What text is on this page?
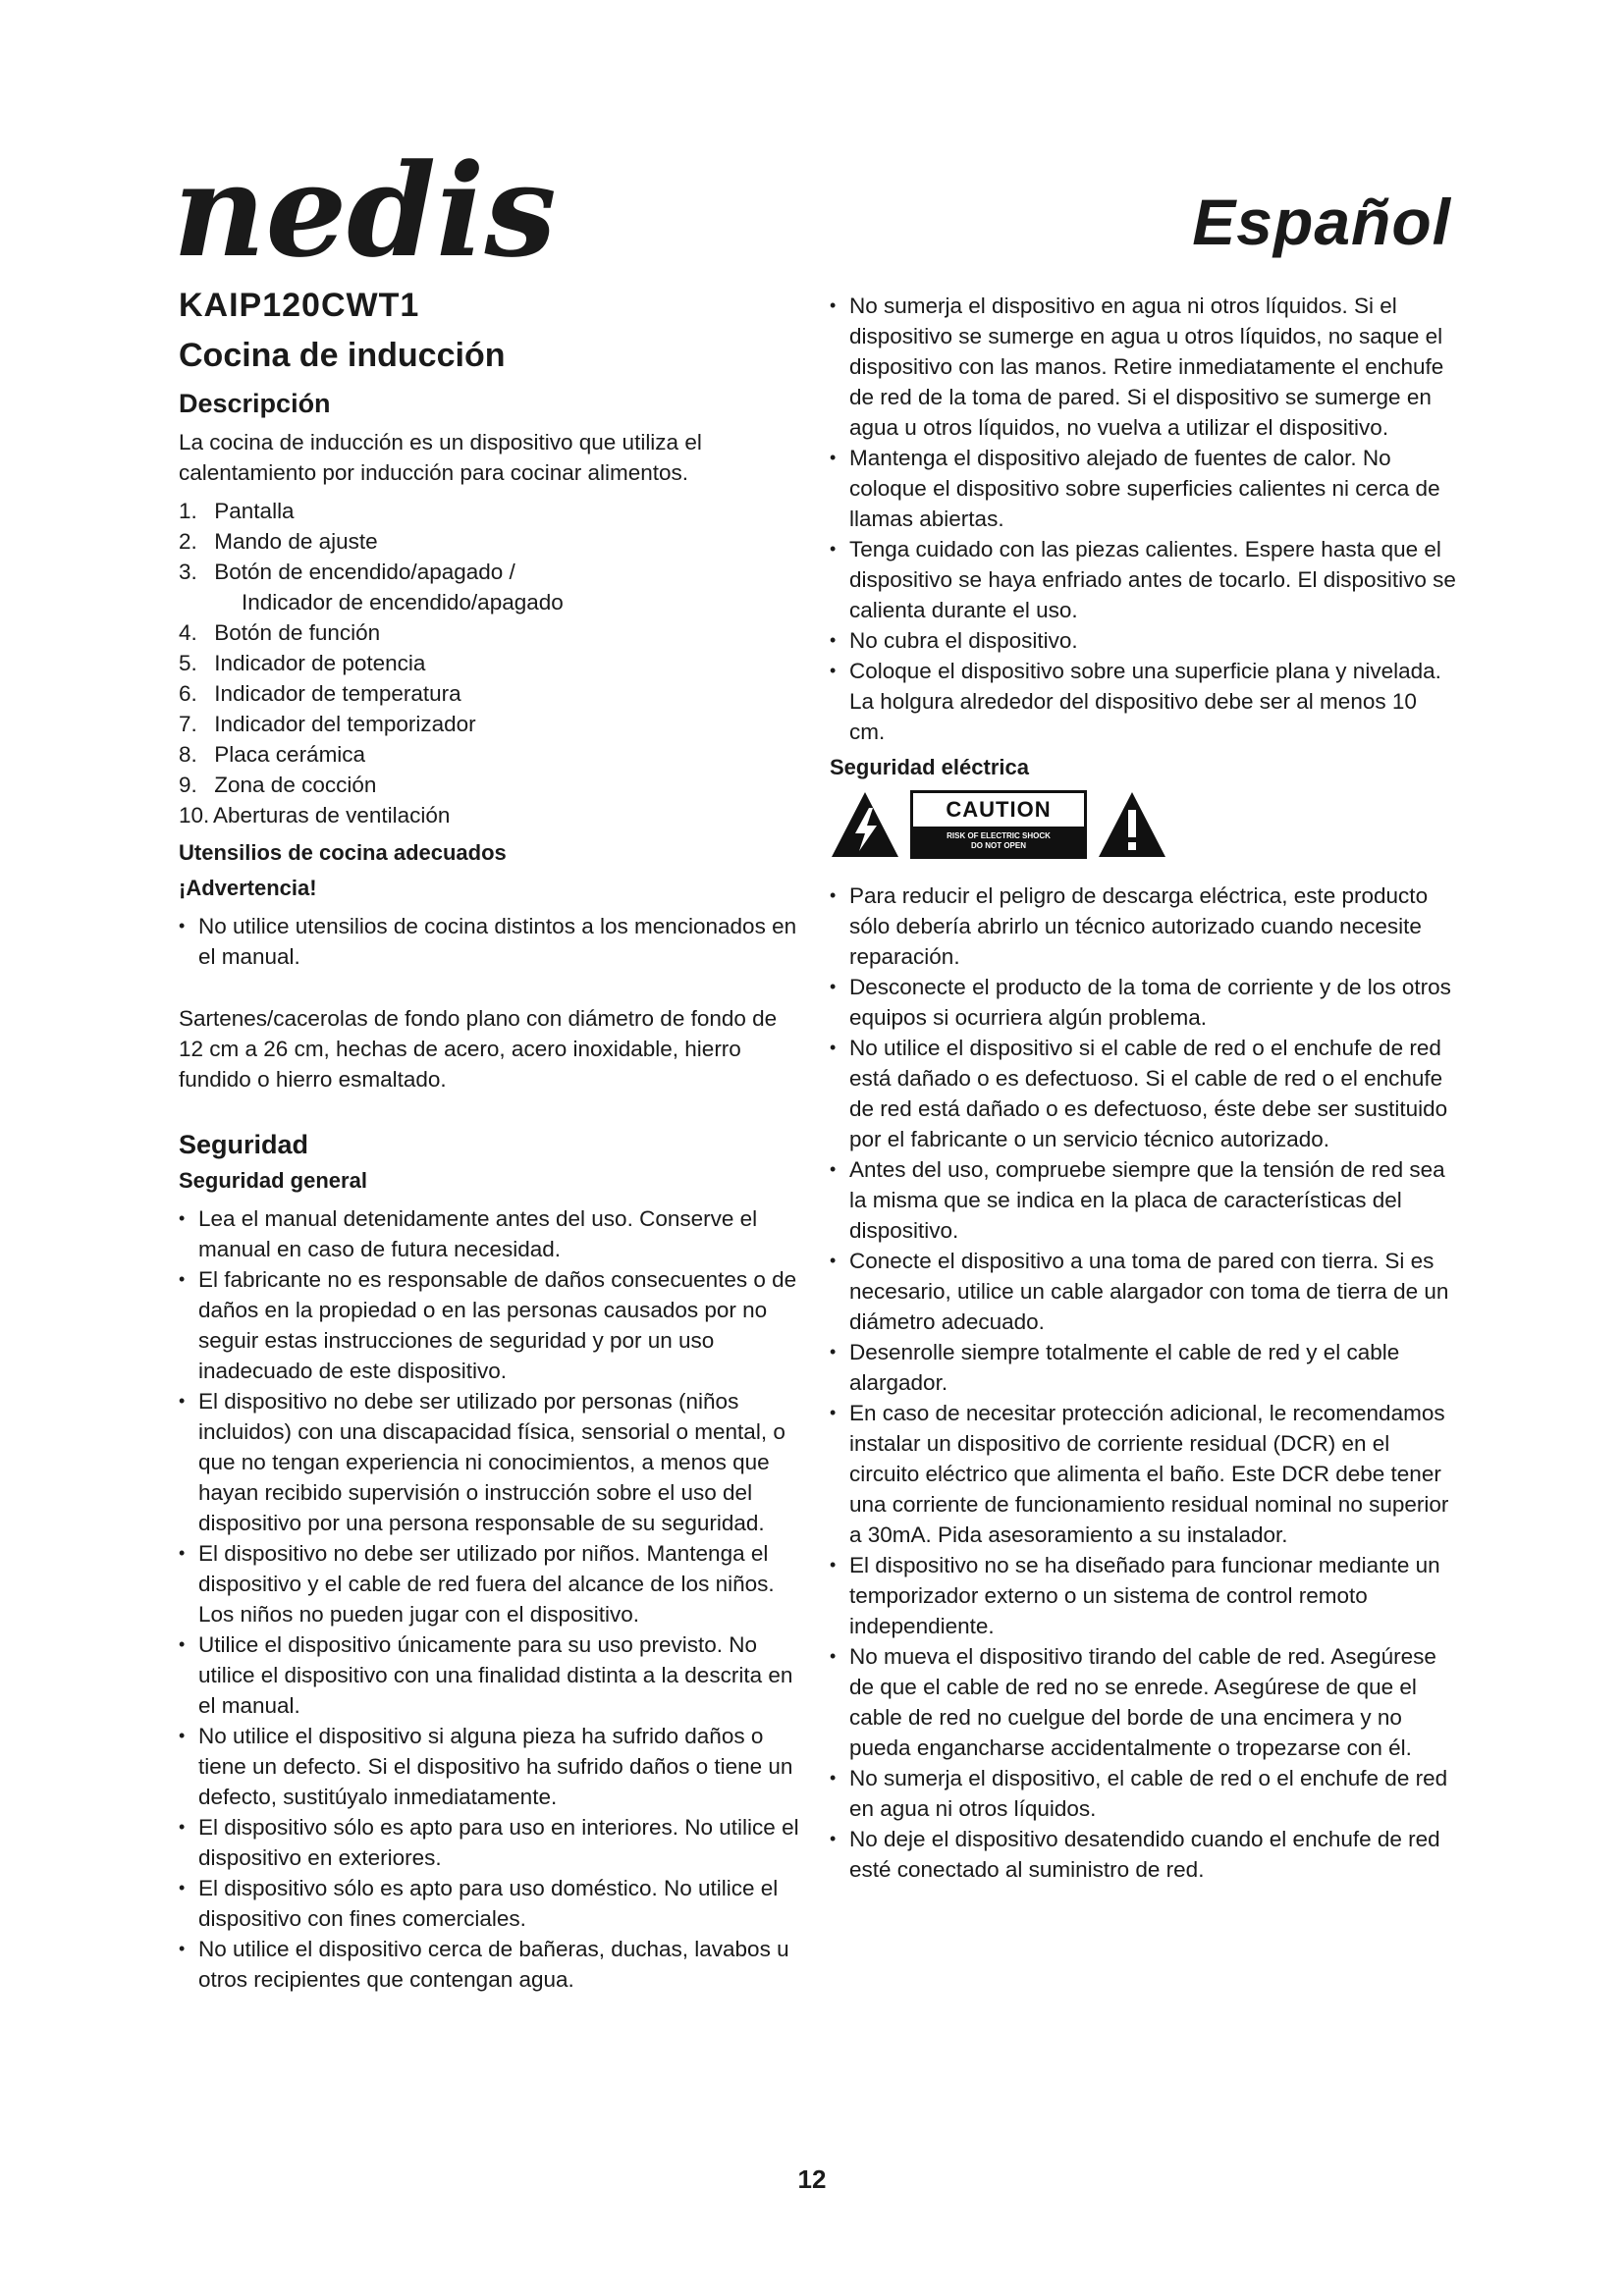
nedis	Español
KAIP120CWT1
Cocina de inducción
Descripción

La cocina de inducción es un dispositivo que utiliza el calentamiento por inducción para cocinar alimentos.

1. Pantalla
2. Mando de ajuste
3. Botón de encendido/apagado /
Indicador de encendido/apagado
4. Botón de función
5. Indicador de potencia
6. Indicador de temperatura
7. Indicador del temporizador
8. Placa cerámica
9. Zona de cocción
10. Aberturas de ventilación
Utensilios de cocina adecuados
¡Advertencia!
• No utilice utensilios de cocina distintos a los mencionados en el manual.

Sartenes/cacerolas de fondo plano con diámetro de fondo de 12 cm a 26 cm, hechas de acero, acero inoxidable, hierro fundido o hierro esmaltado.

Seguridad
Seguridad general
• Lea el manual detenidamente antes del uso. Conserve el manual en caso de futura necesidad.
• El fabricante no es responsable de daños consecuentes o de daños en la propiedad o en las personas causados por no seguir estas instrucciones de seguridad y por un uso inadecuado de este dispositivo.
• El dispositivo no debe ser utilizado por personas (niños incluidos) con una discapacidad física, sensorial o mental, o que no tengan experiencia ni conocimientos, a menos que hayan recibido supervisión o instrucción sobre el uso del dispositivo por una persona responsable de su seguridad.
• El dispositivo no debe ser utilizado por niños. Mantenga el dispositivo y el cable de red fuera del alcance de los niños. Los niños no pueden jugar con el dispositivo.
• Utilice el dispositivo únicamente para su uso previsto. No utilice el dispositivo con una finalidad distinta a la descrita en el manual.
• No utilice el dispositivo si alguna pieza ha sufrido daños o tiene un defecto. Si el dispositivo ha sufrido daños o tiene un defecto, sustitúyalo inmediatamente.
• El dispositivo sólo es apto para uso en interiores. No utilice el dispositivo en exteriores.
• El dispositivo sólo es apto para uso doméstico. No utilice el dispositivo con fines comerciales.
• No utilice el dispositivo cerca de bañeras, duchas, lavabos u otros recipientes que contengan agua.
• No sumerja el dispositivo en agua ni otros líquidos. Si el dispositivo se sumerge en agua u otros líquidos, no saque el dispositivo con las manos. Retire inmediatamente el enchufe de red de la toma de pared. Si el dispositivo se sumerge en agua u otros líquidos, no vuelva a utilizar el dispositivo.
• Mantenga el dispositivo alejado de fuentes de calor. No coloque el dispositivo sobre superficies calientes ni cerca de llamas abiertas.
• Tenga cuidado con las piezas calientes. Espere hasta que el dispositivo se haya enfriado antes de tocarlo. El dispositivo se calienta durante el uso.
• No cubra el dispositivo.
• Coloque el dispositivo sobre una superficie plana y nivelada. La holgura alrededor del dispositivo debe ser al menos 10 cm.
Seguridad eléctrica
CAUTION
RISK OF ELECTRIC SHOCK
DO NOT OPEN
• Para reducir el peligro de descarga eléctrica, este producto sólo debería abrirlo un técnico autorizado cuando necesite reparación.
• Desconecte el producto de la toma de corriente y de los otros equipos si ocurriera algún problema.
• No utilice el dispositivo si el cable de red o el enchufe de red está dañado o es defectuoso. Si el cable de red o el enchufe de red está dañado o es defectuoso, éste debe ser sustituido por el fabricante o un servicio técnico autorizado.
• Antes del uso, compruebe siempre que la tensión de red sea la misma que se indica en la placa de características del dispositivo.
• Conecte el dispositivo a una toma de pared con tierra. Si es necesario, utilice un cable alargador con toma de tierra de un diámetro adecuado.
• Desenrolle siempre totalmente el cable de red y el cable alargador.
• En caso de necesitar protección adicional, le recomendamos instalar un dispositivo de corriente residual (DCR) en el circuito eléctrico que alimenta el baño. Este DCR debe tener una corriente de funcionamiento residual nominal no superior a 30mA. Pida asesoramiento a su instalador.
• El dispositivo no se ha diseñado para funcionar mediante un temporizador externo o un sistema de control remoto independiente.
• No mueva el dispositivo tirando del cable de red. Asegúrese de que el cable de red no se enrede. Asegúrese de que el cable de red no cuelgue del borde de una encimera y no pueda engancharse accidentalmente o tropezarse con él.
• No sumerja el dispositivo, el cable de red o el enchufe de red en agua ni otros líquidos.
• No deje el dispositivo desatendido cuando el enchufe de red esté conectado al suministro de red.

12
